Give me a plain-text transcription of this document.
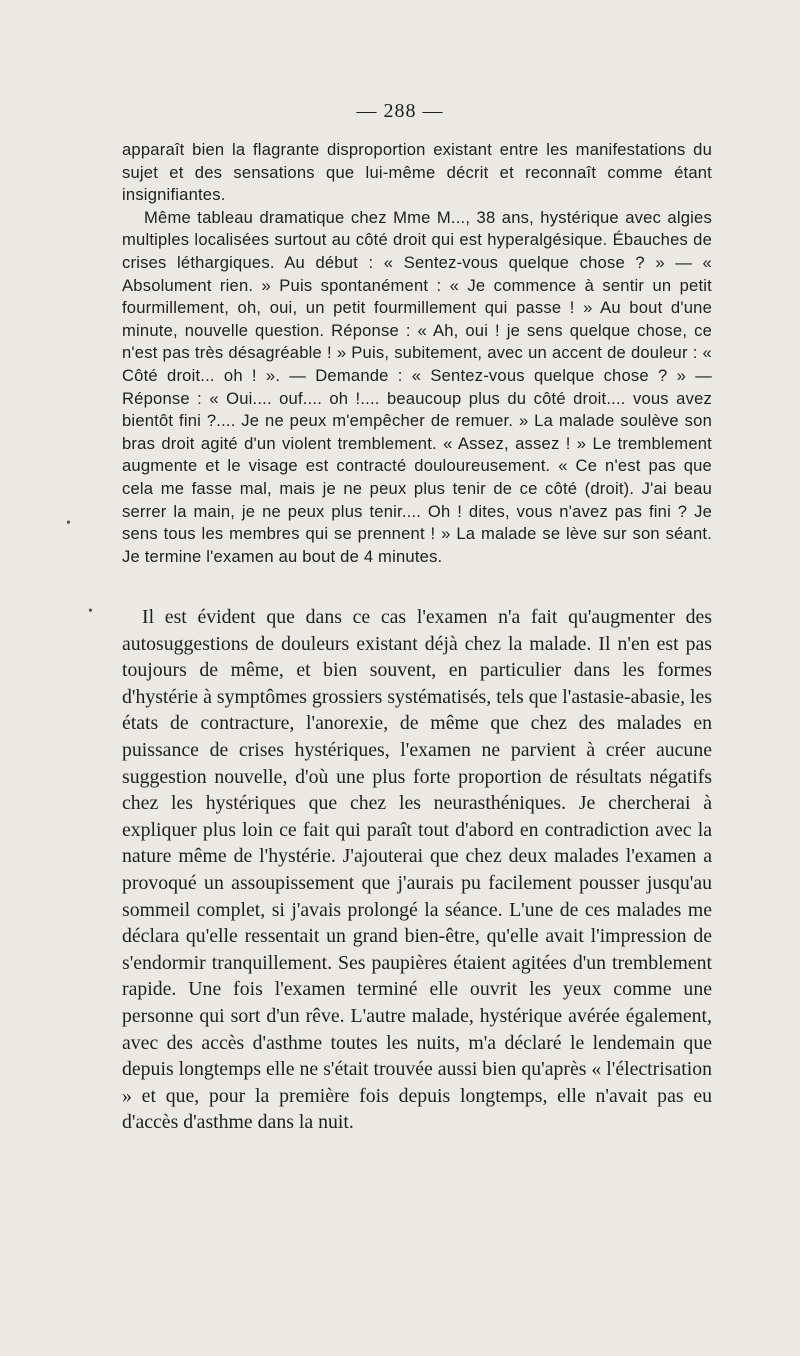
— 288 —

apparaît bien la flagrante disproportion existant entre les manifestations du sujet et des sensations que lui-même décrit et reconnaît comme étant insignifiantes.

Même tableau dramatique chez Mme M..., 38 ans, hystérique avec algies multiples localisées surtout au côté droit qui est hyperalgésique. Ébauches de crises léthargiques. Au début : « Sentez-vous quelque chose ? » — « Absolument rien. » Puis spontanément : « Je commence à sentir un petit fourmillement, oh, oui, un petit fourmillement qui passe ! » Au bout d'une minute, nouvelle question. Réponse : « Ah, oui ! je sens quelque chose, ce n'est pas très désagréable ! » Puis, subitement, avec un accent de douleur : « Côté droit... oh ! ». — Demande : « Sentez-vous quelque chose ? » — Réponse : « Oui.... ouf.... oh !.... beaucoup plus du côté droit.... vous avez bientôt fini ?.... Je ne peux m'empêcher de remuer. » La malade soulève son bras droit agité d'un violent tremblement. « Assez, assez ! » Le tremblement augmente et le visage est contracté douloureusement. « Ce n'est pas que cela me fasse mal, mais je ne peux plus tenir de ce côté (droit). J'ai beau serrer la main, je ne peux plus tenir.... Oh ! dites, vous n'avez pas fini ? Je sens tous les membres qui se prennent ! » La malade se lève sur son séant. Je termine l'examen au bout de 4 minutes.

•
•	Il est évident que dans ce cas l'examen n'a fait qu'augmenter des autosuggestions de douleurs existant déjà chez la malade. Il n'en est pas toujours de même, et bien souvent, en particulier dans les formes d'hystérie à symptômes grossiers systématisés, tels que l'astasie-abasie, les états de contracture, l'anorexie, de même que chez des malades en puissance de crises hystériques, l'examen ne parvient à créer aucune suggestion nouvelle, d'où une plus forte proportion de résultats négatifs chez les hystériques que chez les neurasthéniques. Je chercherai à expliquer plus loin ce fait qui paraît tout d'abord en contradiction avec la nature même de l'hystérie. J'ajouterai que chez deux malades l'examen a provoqué un assoupissement que j'aurais pu facilement pousser jusqu'au sommeil complet, si j'avais prolongé la séance. L'une de ces malades me déclara qu'elle ressentait un grand bien-être, qu'elle avait l'impression de s'endormir tranquillement. Ses paupières étaient agitées d'un tremblement rapide. Une fois l'examen terminé elle ouvrit les yeux comme une personne qui sort d'un rêve. L'autre malade, hystérique avérée également, avec des accès d'asthme toutes les nuits, m'a déclaré le lendemain que depuis longtemps elle ne s'était trouvée aussi bien qu'après « l'électrisation » et que, pour la première fois depuis longtemps, elle n'avait pas eu d'accès d'asthme dans la nuit.
